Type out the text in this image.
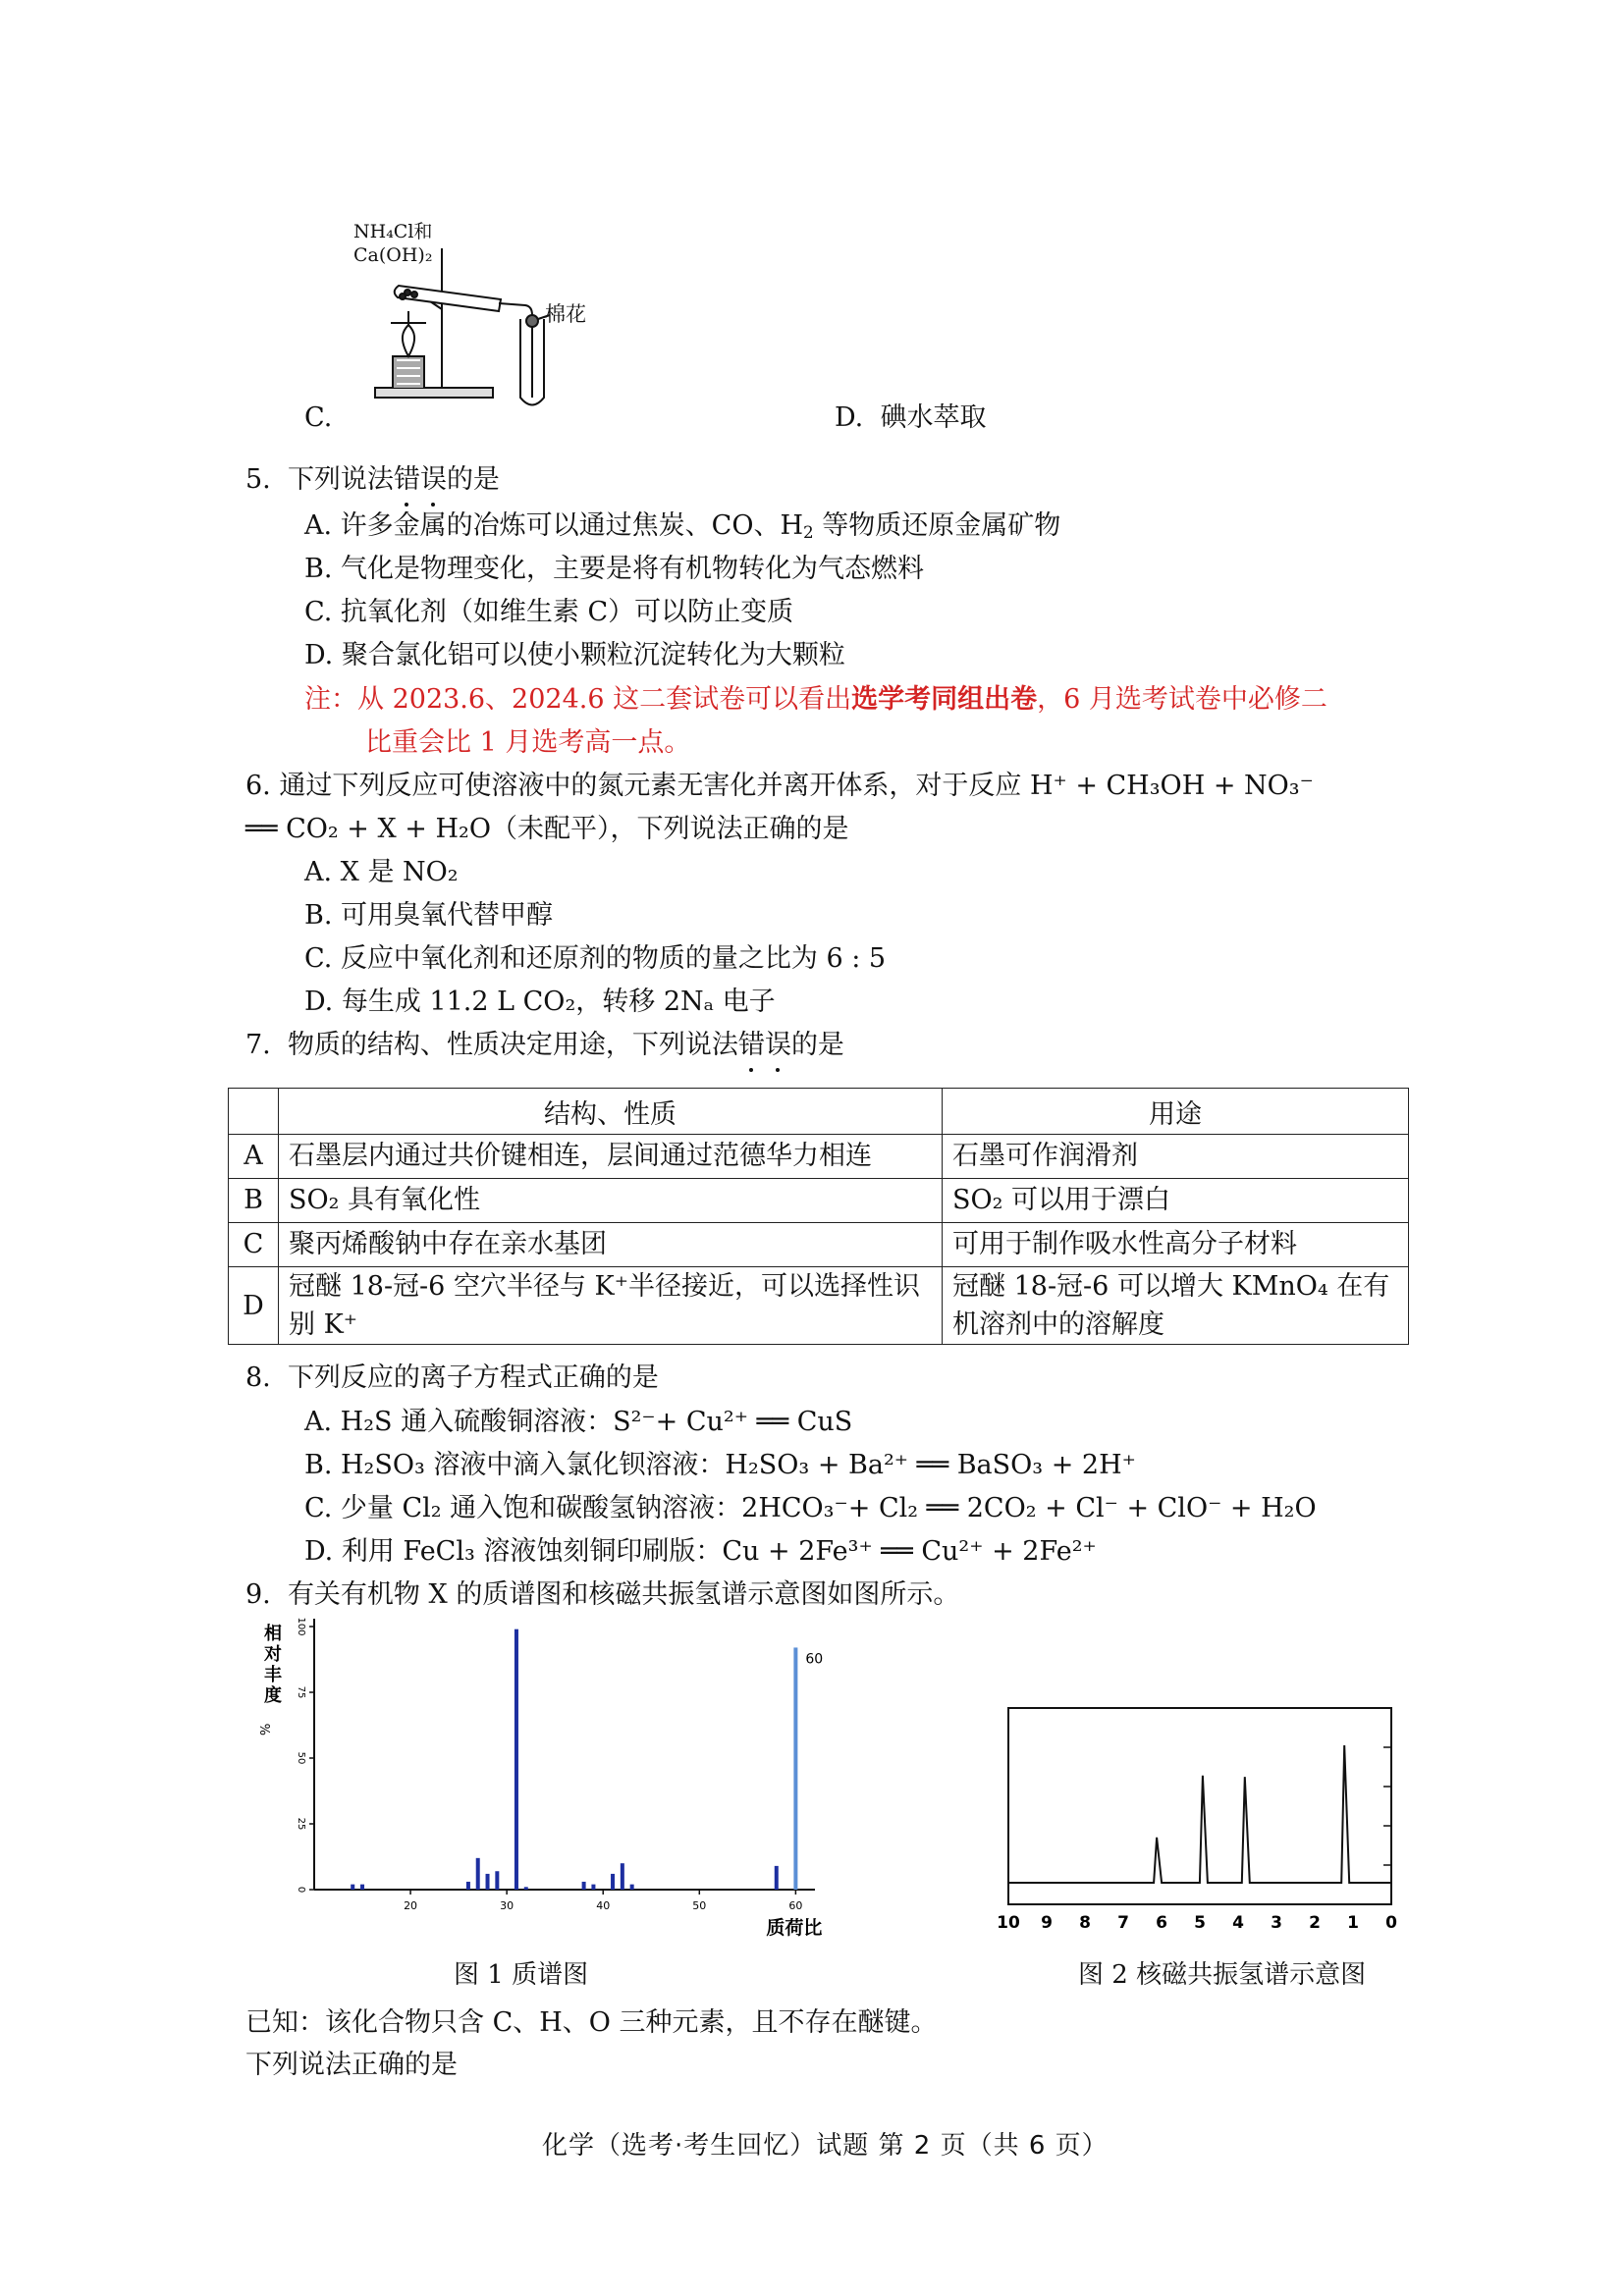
NH₄Cl和
Ca(OH)₂
棉花
C.	D. 碘水萃取
5. 下列说法错
误
的是
A. 许多金属的冶炼可以通过焦炭、CO、$H_2$ 等物质还原金属矿物
B. 气化是物理变化，主要是将有机物转化为气态燃料
C. 抗氧化剂（如维生素 C）可以防止变质
D. 聚合氯化铝可以使小颗粒沉淀转化为大颗粒
注：从 2023.6、2024.6 这二套试卷可以看出选学考同组出卷，6 月选考试卷中必修二
比重会比 1 月选考高一点。
6. 通过下列反应可使溶液中的氮元素无害化并离开体系，对于反应 H⁺ + CH₃OH + NO₃⁻
══ CO₂ + X + H₂O（未配平），下列说法正确的是
A. X 是 NO₂
B. 可用臭氧代替甲醇
C. 反应中氧化剂和还原剂的物质的量之比为 6 : 5
D. 每生成 11.2 L CO₂，转移 2Nₐ 电子
7. 物质的结构、性质决定用途，下列说法错
误
的是
	结构、性质	用途
A	石墨层内通过共价键相连，层间通过范德华力相连	石墨可作润滑剂
B	SO₂ 具有氧化性	SO₂ 可以用于漂白
C	聚丙烯酸钠中存在亲水基团	可用于制作吸水性高分子材料
D	冠醚 18-冠-6 空穴半径与 K⁺半径接近，可以选择性识别 K⁺	冠醚 18-冠-6 可以增大 KMnO₄ 在有机溶剂中的溶解度
8. 下列反应的离子方程式正确的是
A. H₂S 通入硫酸铜溶液：S²⁻+ Cu²⁺ ══ CuS
B. H₂SO₃ 溶液中滴入氯化钡溶液：H₂SO₃ + Ba²⁺ ══ BaSO₃ + 2H⁺
C. 少量 Cl₂ 通入饱和碳酸氢钠溶液：2HCO₃⁻+ Cl₂ ══ 2CO₂ + Cl⁻ + ClO⁻ + H₂O
D. 利用 FeCl₃ 溶液蚀刻铜印刷版：Cu + 2Fe³⁺ ══ Cu²⁺ + 2Fe²⁺
9. 有关有机物 X 的质谱图和核磁共振氢谱示意图如图所示。
0
25
50
75
100
20	30	40	50	60
60
相对丰度
%
质荷比	10 9 8 7 6 5 4 3 2 1 0
图 1 质谱图	图 2 核磁共振氢谱示意图
已知：该化合物只含 C、H、O 三种元素，且不存在醚键。
下列说法正确的是
化学（选考·考生回忆）试题 第 2 页（共 6 页）
